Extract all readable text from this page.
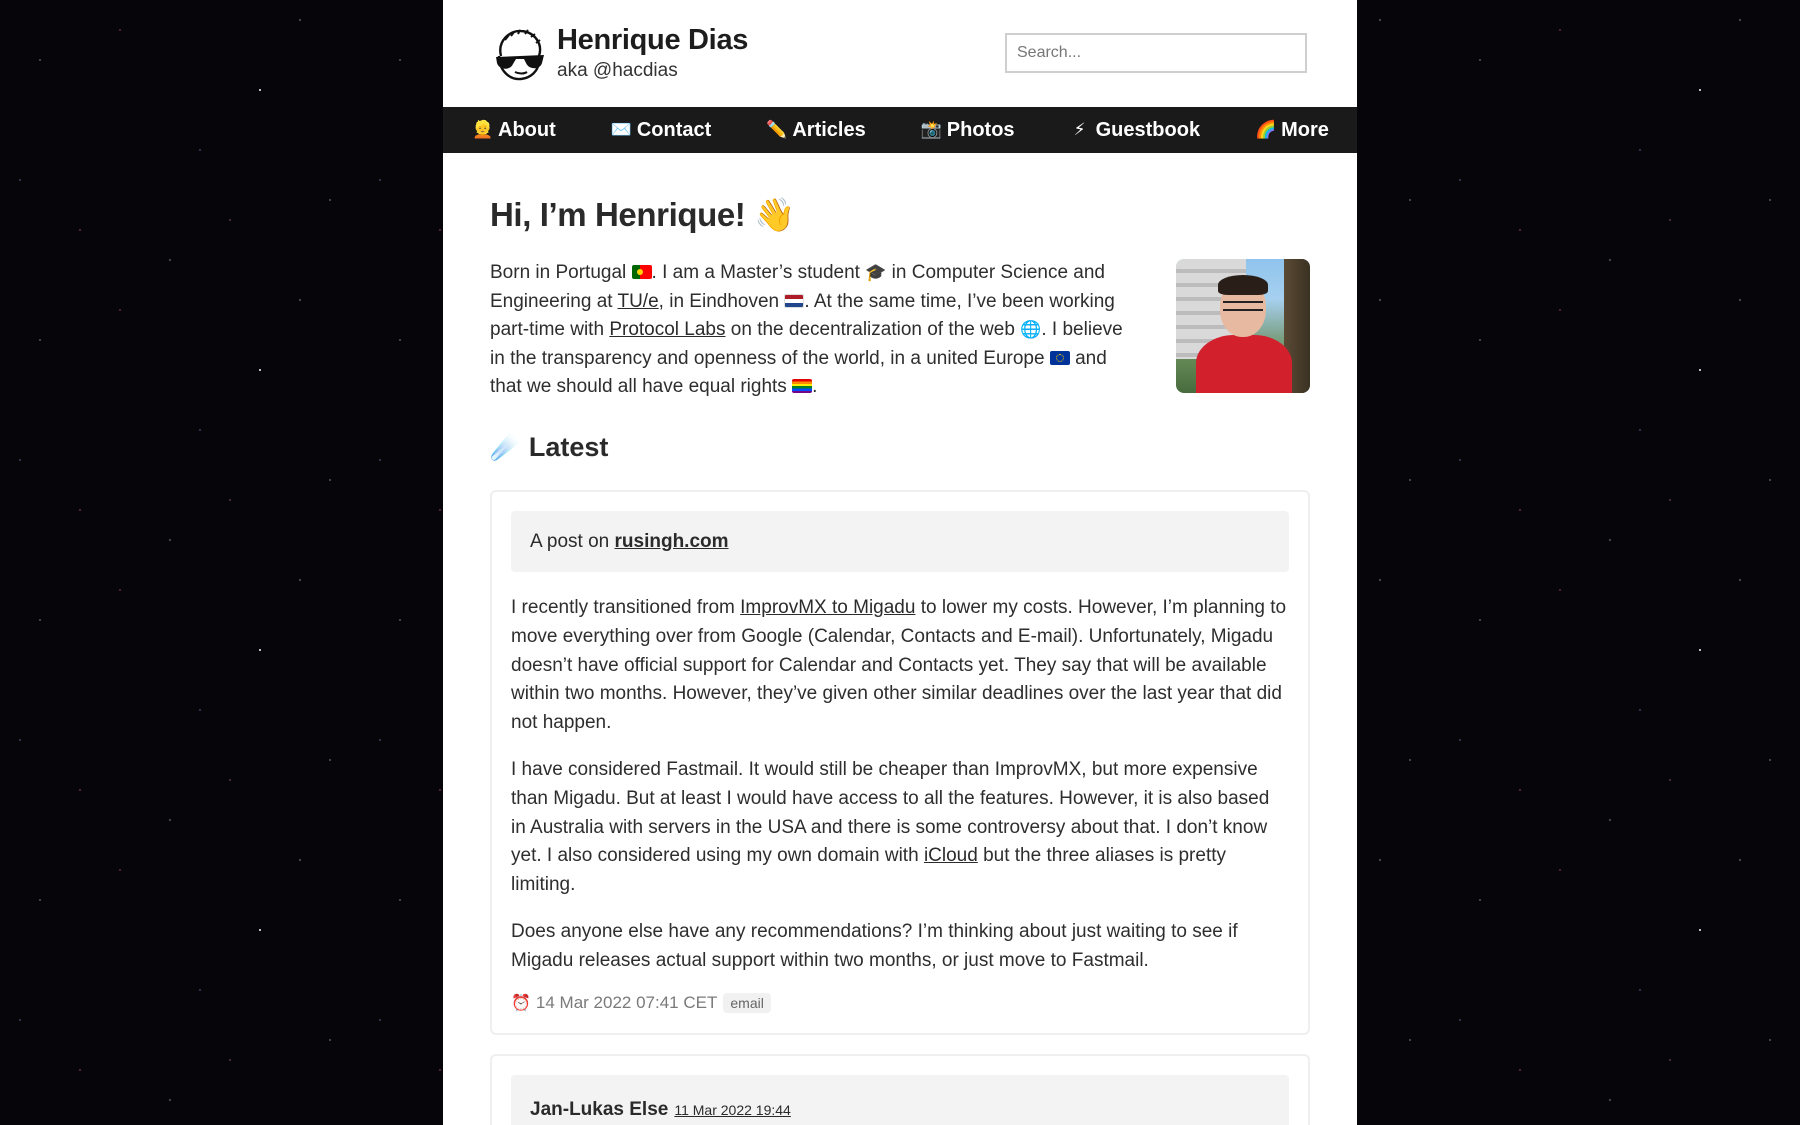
Henrique Dias
aka @hacdias
Search...
👱 About	✉️ Contact	✏️ Articles	📸 Photos	⚡ Guestbook	🌈 More
Hi, I’m Henrique! 👋

Born in Portugal . I am a Master’s student 🎓 in Computer Science and Engineering at TU/e, in Eindhoven . At the same time, I’ve been working part-time with Protocol Labs on the decentralization of the web 🌐. I believe in the transparency and openness of the world, in a united Europe  and that we should all have equal rights .

☄️ Latest
A post on
rusingh.com

I recently transitioned from ImprovMX to Migadu to lower my costs. However, I’m planning to move everything over from Google (Calendar, Contacts and E-mail). Unfortunately, Migadu doesn’t have official support for Calendar and Contacts yet. They say that will be available within two months. However, they’ve given other similar deadlines over the last year that did not happen.

I have considered Fastmail. It would still be cheaper than ImprovMX, but more expensive than Migadu. But at least I would have access to all the features. However, it is also based in Australia with servers in the USA and there is some controversy about that. I don’t know yet. I also considered using my own domain with iCloud but the three aliases is pretty limiting.

Does anyone else have any recommendations? I’m thinking about just waiting to see if Migadu releases actual support within two months, or just move to Fastmail.

⏰ 14 Mar 2022 07:41 CET email
Jan-Lukas Else 11 Mar 2022 19:44
